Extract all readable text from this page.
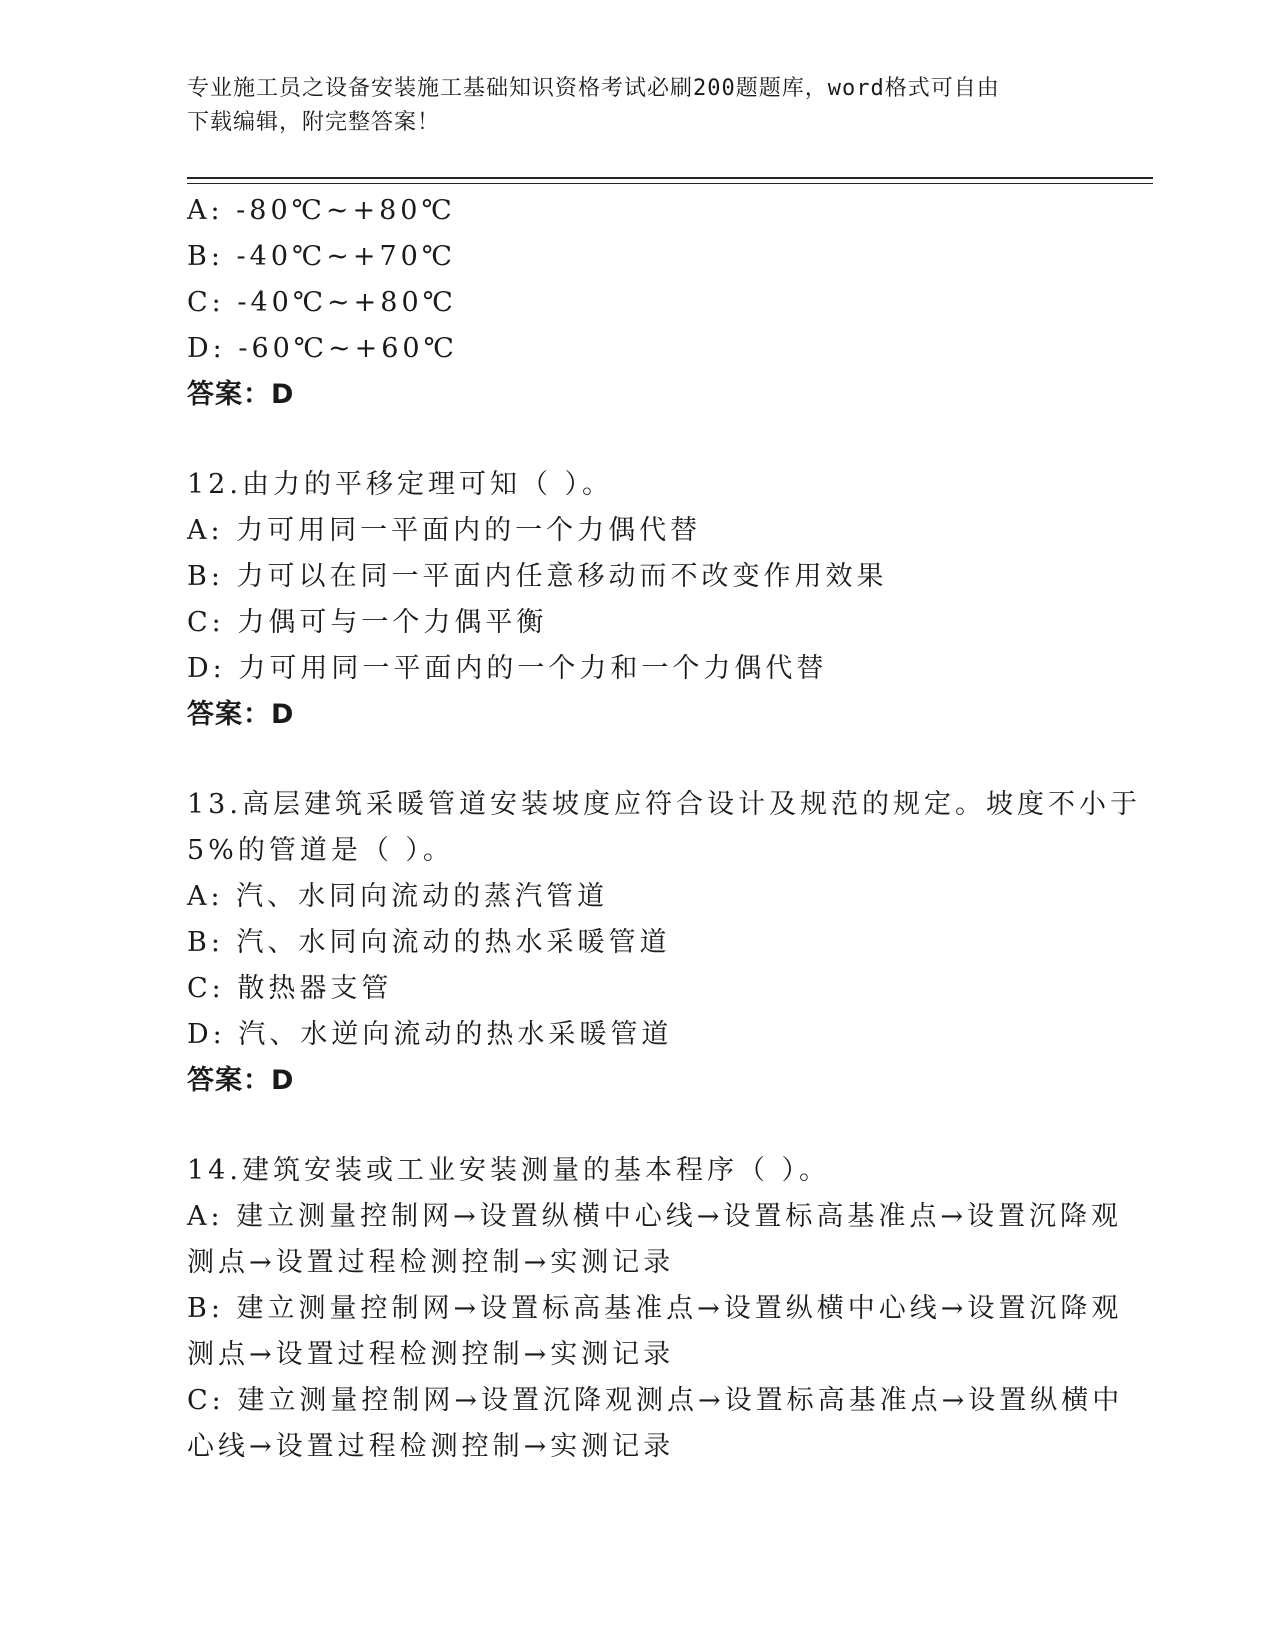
专业施工员之设备安装施工基础知识资格考试必刷200题题库，word格式可自由
下载编辑，附完整答案！
A: -80℃~+80℃
B: -40℃~+70℃
C: -40℃~+80℃
D: -60℃~+60℃
答案：D
12.由力的平移定理可知（ ）。
A: 力可用同一平面内的一个力偶代替
B: 力可以在同一平面内任意移动而不改变作用效果
C: 力偶可与一个力偶平衡
D: 力可用同一平面内的一个力和一个力偶代替
答案：D
13.高层建筑采暖管道安装坡度应符合设计及规范的规定。坡度不小于
5%的管道是（ ）。
A: 汽、水同向流动的蒸汽管道
B: 汽、水同向流动的热水采暖管道
C: 散热器支管
D: 汽、水逆向流动的热水采暖管道
答案：D
14.建筑安装或工业安装测量的基本程序（ ）。
A: 建立测量控制网→设置纵横中心线→设置标高基准点→设置沉降观
测点→设置过程检测控制→实测记录
B: 建立测量控制网→设置标高基准点→设置纵横中心线→设置沉降观
测点→设置过程检测控制→实测记录
C: 建立测量控制网→设置沉降观测点→设置标高基准点→设置纵横中
心线→设置过程检测控制→实测记录
